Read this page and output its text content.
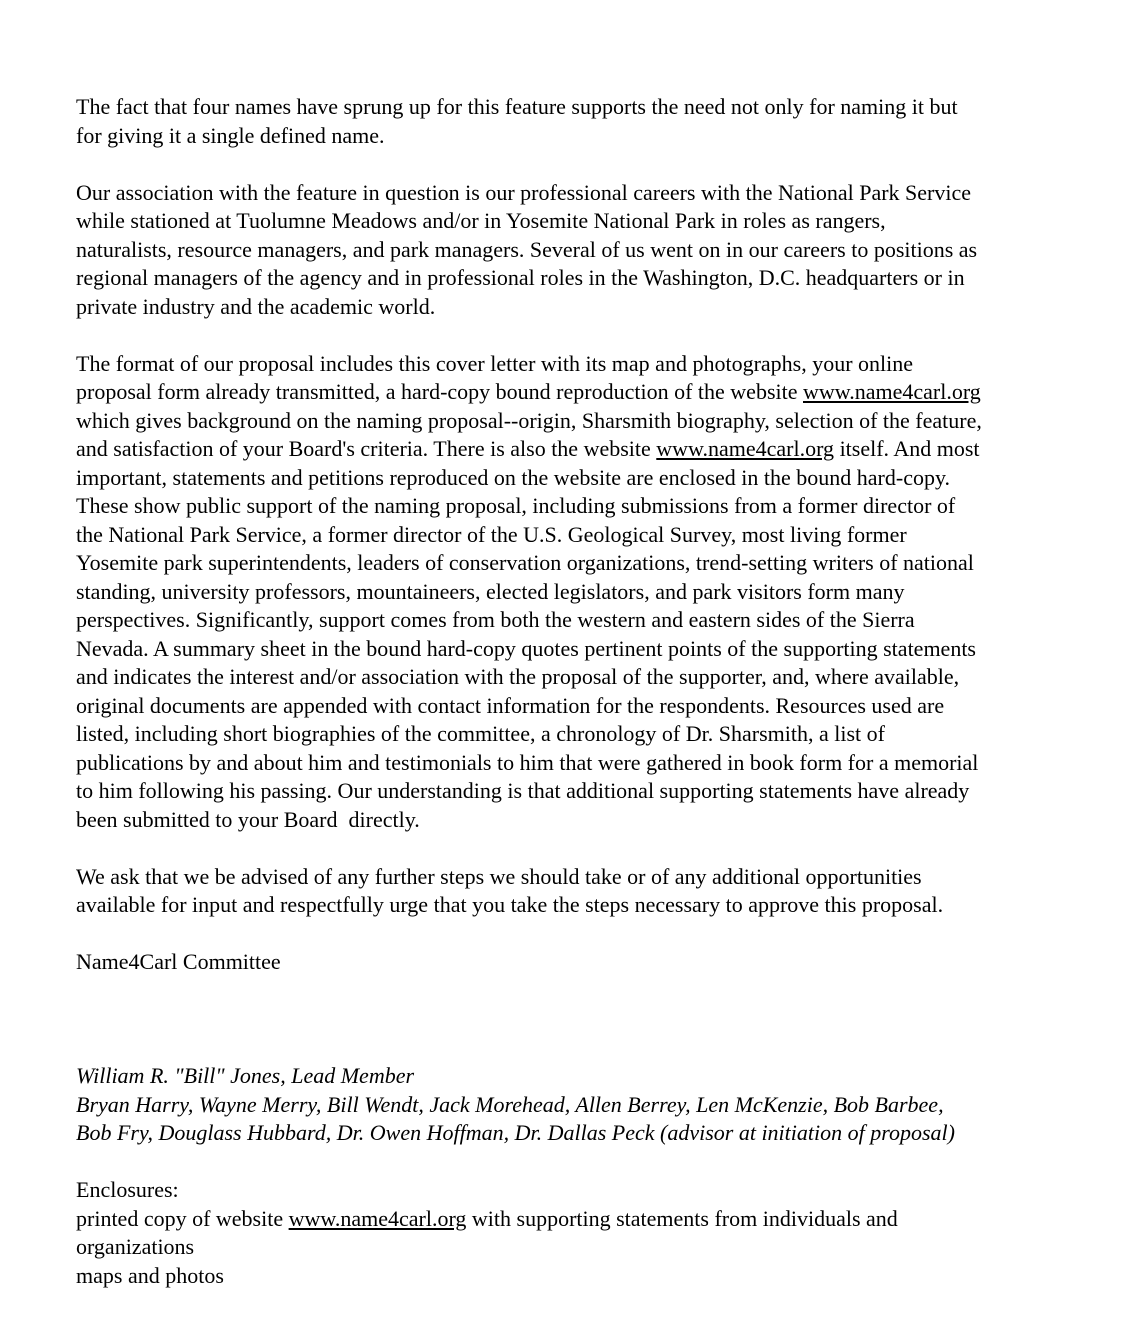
The fact that four names have sprung up for this feature supports the need not only for naming it but
for giving it a single defined name.
Our association with the feature in question is our professional careers with the National Park Service
while stationed at Tuolumne Meadows and/or in Yosemite National Park in roles as rangers,
naturalists, resource managers, and park managers. Several of us went on in our careers to positions as
regional managers of the agency and in professional roles in the Washington, D.C. headquarters or in
private industry and the academic world.
The format of our proposal includes this cover letter with its map and photographs, your online
proposal form already transmitted, a hard-copy bound reproduction of the website www.name4carl.org
which gives background on the naming proposal--origin, Sharsmith biography, selection of the feature,
and satisfaction of your Board's criteria. There is also the website www.name4carl.org itself. And most
important, statements and petitions reproduced on the website are enclosed in the bound hard-copy.
These show public support of the naming proposal, including submissions from a former director of
the National Park Service, a former director of the U.S. Geological Survey, most living former
Yosemite park superintendents, leaders of conservation organizations, trend-setting writers of national
standing, university professors, mountaineers, elected legislators, and park visitors form many
perspectives. Significantly, support comes from both the western and eastern sides of the Sierra
Nevada. A summary sheet in the bound hard-copy quotes pertinent points of the supporting statements
and indicates the interest and/or association with the proposal of the supporter, and, where available,
original documents are appended with contact information for the respondents. Resources used are
listed, including short biographies of the committee, a chronology of Dr. Sharsmith, a list of
publications by and about him and testimonials to him that were gathered in book form for a memorial
to him following his passing. Our understanding is that additional supporting statements have already
been submitted to your Board  directly.
We ask that we be advised of any further steps we should take or of any additional opportunities
available for input and respectfully urge that you take the steps necessary to approve this proposal.
Name4Carl Committee
William R. "Bill" Jones, Lead Member
Bryan Harry, Wayne Merry, Bill Wendt, Jack Morehead, Allen Berrey, Len McKenzie, Bob Barbee,
Bob Fry, Douglass Hubbard, Dr. Owen Hoffman, Dr. Dallas Peck (advisor at initiation of proposal)
Enclosures:
printed copy of website www.name4carl.org with supporting statements from individuals and
organizations
maps and photos
